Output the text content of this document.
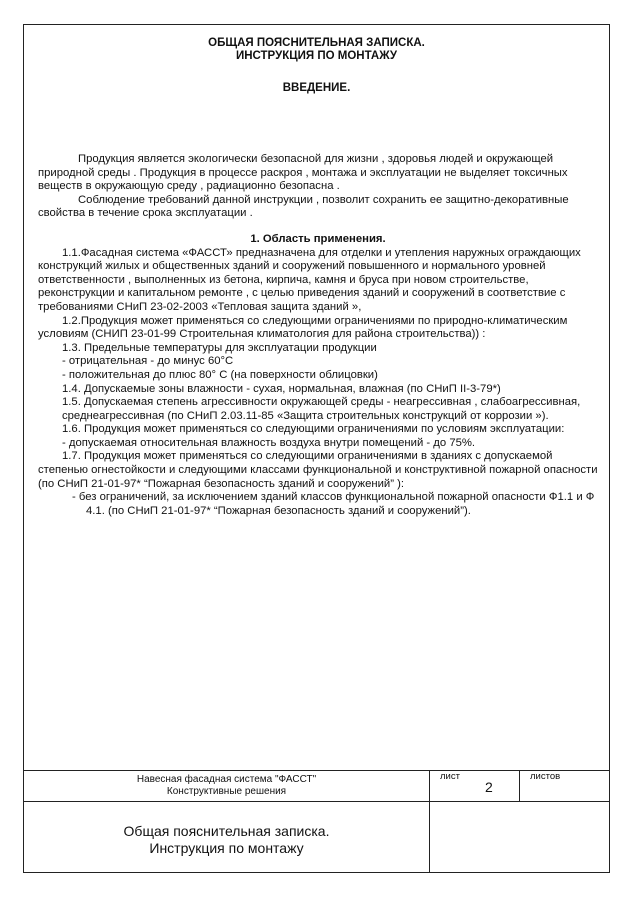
ОБЩАЯ ПОЯСНИТЕЛЬНАЯ ЗАПИСКА.
ИНСТРУКЦИЯ ПО МОНТАЖУ
ВВЕДЕНИЕ.

Продукция является экологически безопасной для жизни , здоровья людей и окружающей природной среды . Продукция в процессе раскроя , монтажа и эксплуатации не выделяет токсичных веществ в окружающую среду , радиационно безопасна .

Соблюдение требований данной инструкции , позволит сохранить ее защитно-декоративные свойства в течение срока эксплуатации .

1. Область применения.

1.1.Фасадная система «ФАССТ» предназначена для отделки и утепления наружных ограждающих конструкций жилых и общественных зданий и сооружений повышенного и нормального уровней ответственности , выполненных из бетона, кирпича, камня и бруса при новом строительстве, реконструкции и капитальном ремонте , с целью приведения зданий и сооружений в соответствие с требованиями СНиП 23-02-2003 «Тепловая защита зданий »,

1.2.Продукция может применяться со следующими ограничениями по природно-климатическим условиям (СНИП 23-01-99 Строительная климатология для района строительства)) :

1.3. Предельные температуры для эксплуатации продукции

- отрицательная - до минус 60°С

- положительная до плюс 80° С (на поверхности облицовки)

1.4. Допускаемые зоны влажности - сухая, нормальная, влажная (по СНиП II-3-79*)

1.5. Допускаемая степень агрессивности окружающей среды - неагрессивная , слабоагрессивная, среднеагрессивная (по СНиП 2.03.11-85 «Защита строительных конструкций от коррозии »).

1.6. Продукция может применяться со следующими ограничениями по условиям эксплуатации:

- допускаемая относительная влажность воздуха внутри помещений - до 75%.

1.7. Продукция может применяться со следующими ограничениями в зданиях с допускаемой степенью огнестойкости и следующими классами функциональной и конструктивной пожарной опасности (по СНиП 21-01-97* “Пожарная безопасность зданий и сооружений” ):

- без ограничений, за исключением зданий классов функциональной пожарной опасности Ф1.1 и Ф 4.1. (по СНиП 21-01-97* “Пожарная безопасность зданий и сооружений”).

Навесная фасадная система "ФАССТ"
Конструктивные решения
лист
2
листов
Общая пояснительная записка.
Инструкция по монтажу
